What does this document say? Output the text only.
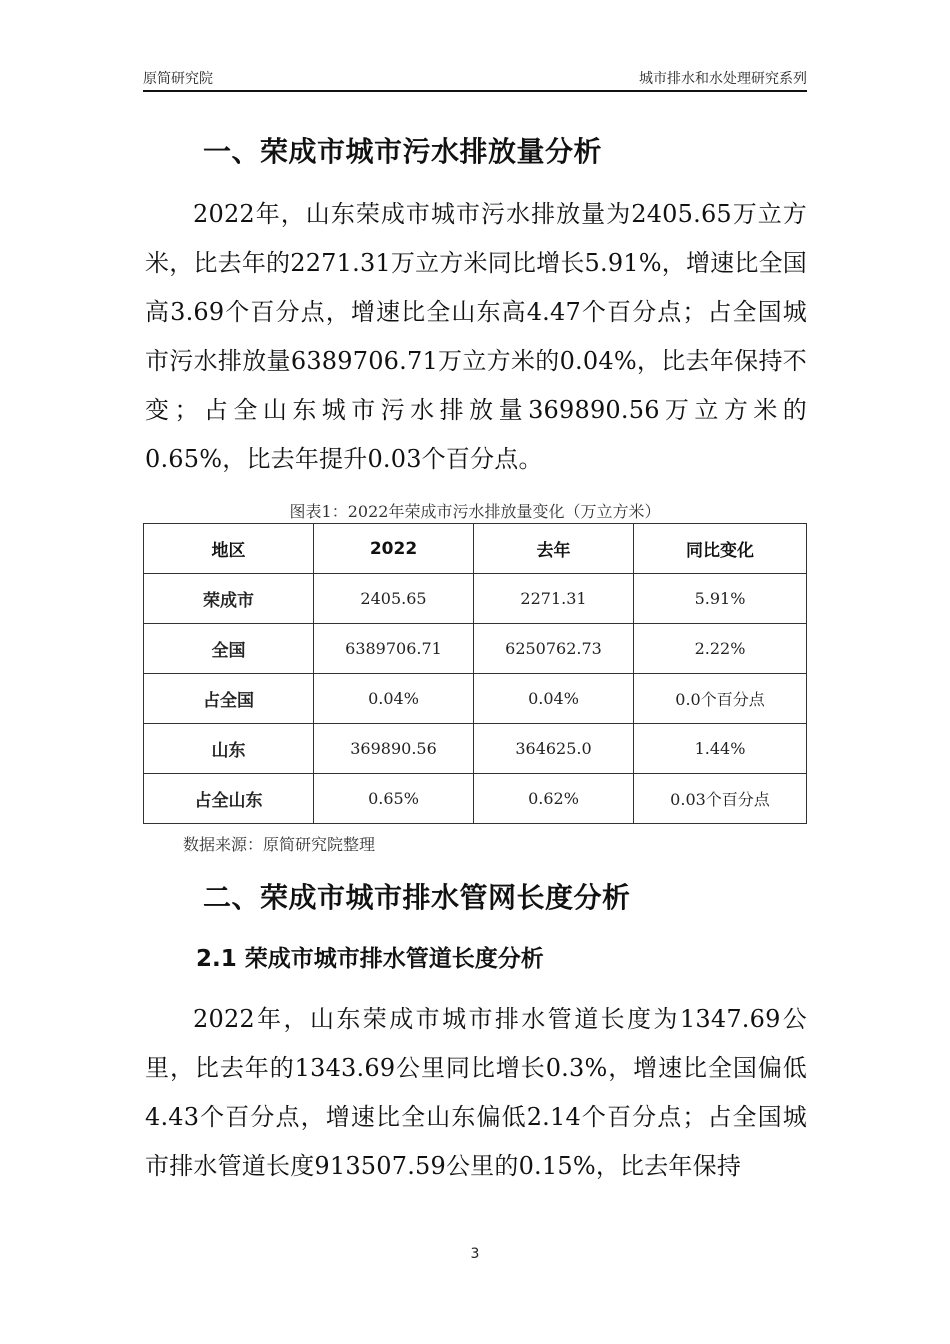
原简研究院	城市排水和水处理研究系列
一、荣成市城市污水排放量分析
2022年，山东荣成市城市污水排放量为2405.65万立方米，比去年的2271.31万立方米同比增长5.91%，增速比全国高3.69个百分点，增速比全山东高4.47个百分点；占全国城市污水排放量6389706.71万立方米的0.04%，比去年保持不变；占全山东城市污水排放量369890.56万立方米的0.65%，比去年提升0.03个百分点。
图表1：2022年荣成市污水排放量变化（万立方米）
地区	2022	去年	同比变化
荣成市	2405.65	2271.31	5.91%
全国	6389706.71	6250762.73	2.22%
占全国	0.04%	0.04%	0.0个百分点
山东	369890.56	364625.0	1.44%
占全山东	0.65%	0.62%	0.03个百分点
数据来源：原简研究院整理
二、荣成市城市排水管网长度分析
2.1 荣成市城市排水管道长度分析
2022年，山东荣成市城市排水管道长度为1347.69公里，比去年的1343.69公里同比增长0.3%，增速比全国偏低4.43个百分点，增速比全山东偏低2.14个百分点；占全国城市排水管道长度913507.59公里的0.15%，比去年保持
3
